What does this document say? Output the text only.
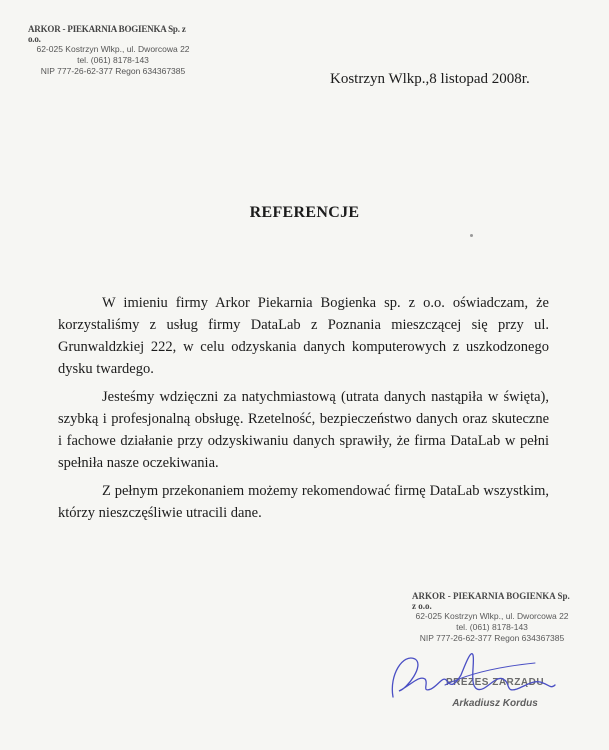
ARKOR - PIEKARNIA BOGIENKA Sp. z o.o.
62-025 Kostrzyn Wlkp., ul. Dworcowa 22
tel. (061) 8178-143
NIP 777-26-62-377 Regon 634367385	Kostrzyn Wlkp.,8 listopad 2008r.
REFERENCJE

W imieniu firmy Arkor Piekarnia Bogienka sp. z o.o. oświadczam, że korzystaliśmy z usług firmy DataLab z Poznania mieszczącej się przy ul. Grunwaldzkiej 222, w celu odzyskania danych komputerowych z uszkodzonego dysku twardego.

Jesteśmy wdzięczni za natychmiastową (utrata danych nastąpiła w święta), szybką i profesjonalną obsługę. Rzetelność, bezpieczeństwo danych oraz skuteczne i fachowe działanie przy odzyskiwaniu danych sprawiły, że firma DataLab w pełni spełniła nasze oczekiwania.

Z pełnym przekonaniem możemy rekomendować firmę DataLab wszystkim, którzy nieszczęśliwie utracili dane.

ARKOR - PIEKARNIA BOGIENKA Sp. z o.o.
62-025 Kostrzyn Wlkp., ul. Dworcowa 22
tel. (061) 8178-143
NIP 777-26-62-377 Regon 634367385
PREZES ZARZĄDU
Arkadiusz Kordus
